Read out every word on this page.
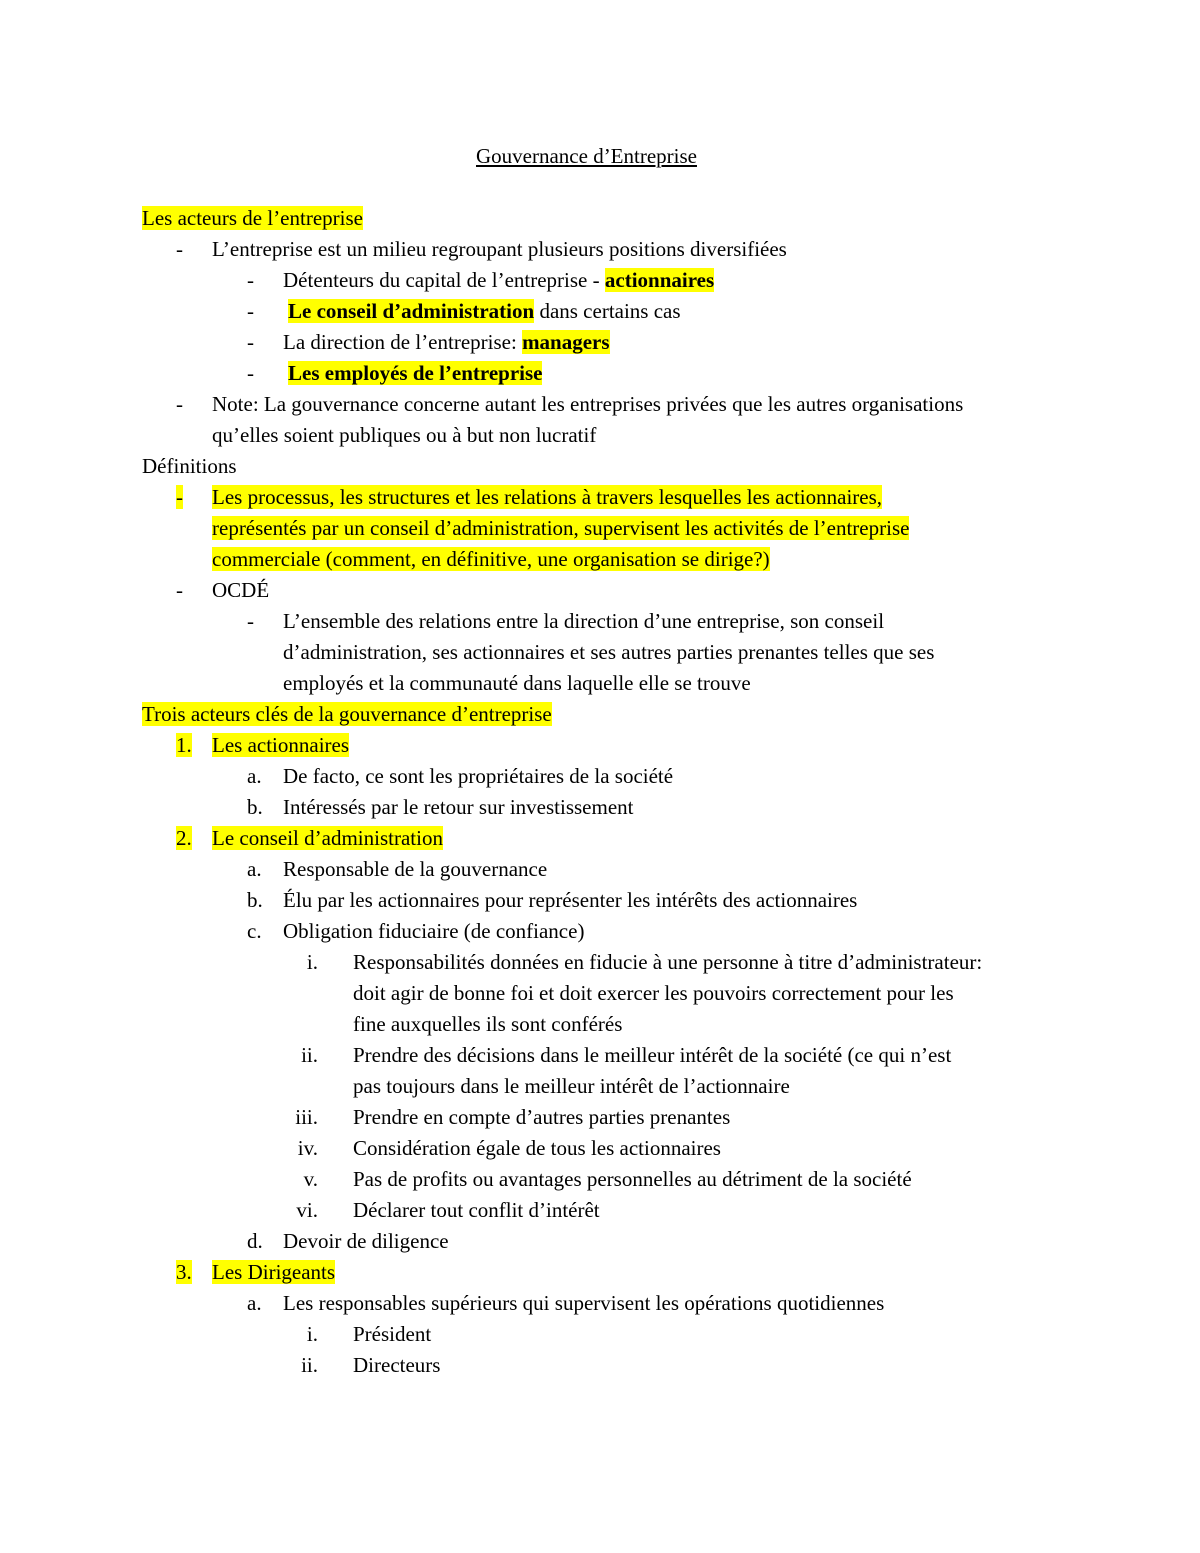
Gouvernance d’Entreprise
Les acteurs de l’entreprise
- L’entreprise est un milieu regroupant plusieurs positions diversifiées
- Détenteurs du capital de l’entreprise - actionnaires
- Le conseil d’administration dans certains cas
- La direction de l’entreprise: managers
- Les employés de l’entreprise
- Note: La gouvernance concerne autant les entreprises privées que les autres organisations
qu’elles soient publiques ou à but non lucratif
Définitions
- Les processus, les structures et les relations à travers lesquelles les actionnaires,
représentés par un conseil d’administration, supervisent les activités de l’entreprise
commerciale (comment, en définitive, une organisation se dirige?)
- OCDÉ
- L’ensemble des relations entre la direction d’une entreprise, son conseil
d’administration, ses actionnaires et ses autres parties prenantes telles que ses
employés et la communauté dans laquelle elle se trouve
Trois acteurs clés de la gouvernance d’entreprise
1. Les actionnaires
a. De facto, ce sont les propriétaires de la société
b. Intéressés par le retour sur investissement
2. Le conseil d’administration
a. Responsable de la gouvernance
b. Élu par les actionnaires pour représenter les intérêts des actionnaires
c. Obligation fiduciaire (de confiance)
i. Responsabilités données en fiducie à une personne à titre d’administrateur:
doit agir de bonne foi et doit exercer les pouvoirs correctement pour les
fine auxquelles ils sont conférés
ii. Prendre des décisions dans le meilleur intérêt de la société (ce qui n’est
pas toujours dans le meilleur intérêt de l’actionnaire
iii. Prendre en compte d’autres parties prenantes
iv. Considération égale de tous les actionnaires
v. Pas de profits ou avantages personnelles au détriment de la société
vi. Déclarer tout conflit d’intérêt
d. Devoir de diligence
3. Les Dirigeants
a. Les responsables supérieurs qui supervisent les opérations quotidiennes
i. Président
ii. Directeurs
